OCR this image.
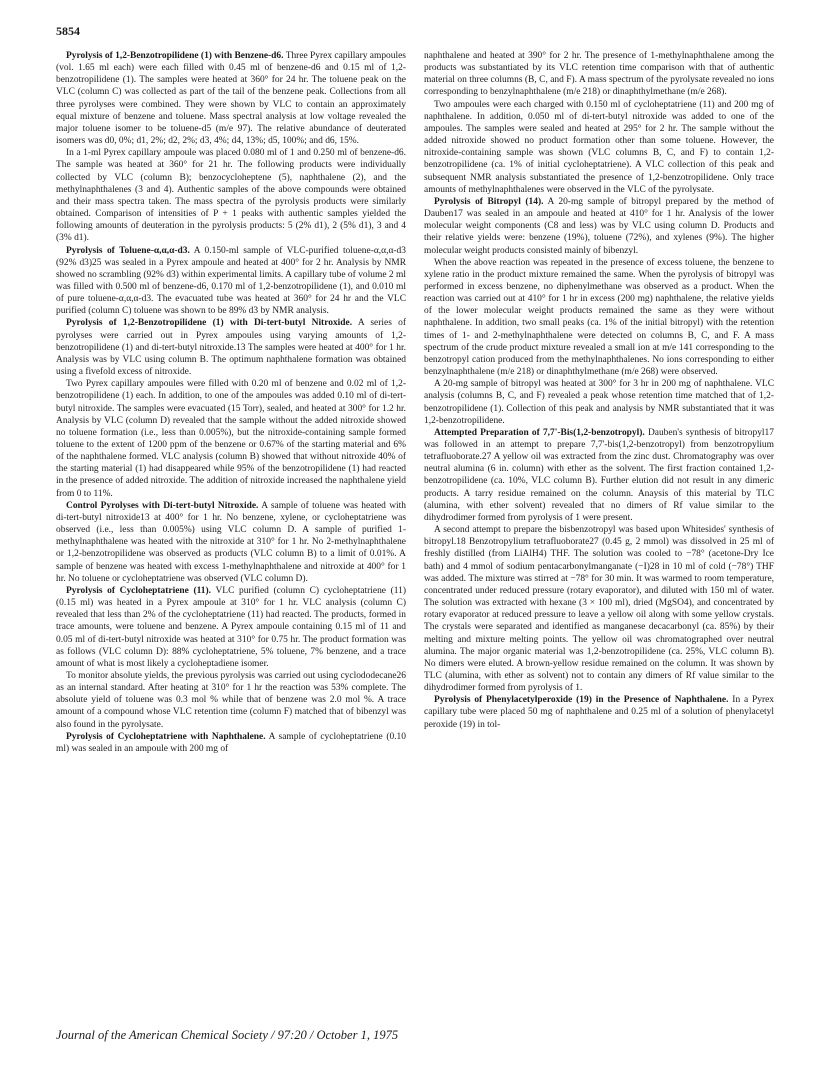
5854

Pyrolysis of 1,2-Benzotropilidene (1) with Benzene-d6. Three Pyrex capillary ampoules (vol. 1.65 ml each) were each filled with 0.45 ml of benzene-d6 and 0.15 ml of 1,2-benzotropilidene (1). The samples were heated at 360° for 24 hr. The toluene peak on the VLC (column C) was collected as part of the tail of the benzene peak. Collections from all three pyrolyses were combined. They were shown by VLC to contain an approximately equal mixture of benzene and toluene. Mass spectral analysis at low voltage revealed the major toluene isomer to be toluene-d5 (m/e 97). The relative abundance of deuterated isomers was d0, 0%; d1, 2%; d2, 2%; d3, 4%; d4, 13%; d5, 100%; and d6, 15%.

In a 1-ml Pyrex capillary ampoule was placed 0.080 ml of 1 and 0.250 ml of benzene-d6. The sample was heated at 360° for 21 hr. The following products were individually collected by VLC (column B); benzocycloheptene (5), naphthalene (2), and the methylnaphthalenes (3 and 4). Authentic samples of the above compounds were obtained and their mass spectra taken. The mass spectra of the pyrolysis products were similarly obtained. Comparison of intensities of P + 1 peaks with authentic samples yielded the following amounts of deuteration in the pyrolysis products: 5 (2% d1), 2 (5% d1), 3 and 4 (3% d1).

Pyrolysis of Toluene-α,α,α-d3. A 0.150-ml sample of VLC-purified toluene-α,α,α-d3 (92% d3)25 was sealed in a Pyrex ampoule and heated at 400° for 2 hr. Analysis by NMR showed no scrambling (92% d3) within experimental limits. A capillary tube of volume 2 ml was filled with 0.500 ml of benzene-d6, 0.170 ml of 1,2-benzotropilidene (1), and 0.010 ml of pure toluene-α,α,α-d3. The evacuated tube was heated at 360° for 24 hr and the VLC purified (column C) toluene was shown to be 89% d3 by NMR analysis.

Pyrolysis of 1,2-Benzotropilidene (1) with Di-tert-butyl Nitroxide. A series of pyrolyses were carried out in Pyrex ampoules using varying amounts of 1,2-benzotropilidene (1) and di-tert-butyl nitroxide.13 The samples were heated at 400° for 1 hr. Analysis was by VLC using column B. The optimum naphthalene formation was obtained using a fivefold excess of nitroxide.

Two Pyrex capillary ampoules were filled with 0.20 ml of benzene and 0.02 ml of 1,2-benzotropilidene (1) each. In addition, to one of the ampoules was added 0.10 ml of di-tert-butyl nitroxide. The samples were evacuated (15 Torr), sealed, and heated at 300° for 1.2 hr. Analysis by VLC (column D) revealed that the sample without the added nitroxide showed no toluene formation (i.e., less than 0.005%), but the nitroxide-containing sample formed toluene to the extent of 1200 ppm of the benzene or 0.67% of the starting material and 6% of the naphthalene formed. VLC analysis (column B) showed that without nitroxide 40% of the starting material (1) had disappeared while 95% of the benzotropilidene (1) had reacted in the presence of added nitroxide. The addition of nitroxide increased the naphthalene yield from 0 to 11%.

Control Pyrolyses with Di-tert-butyl Nitroxide. A sample of toluene was heated with di-tert-butyl nitroxide13 at 400° for 1 hr. No benzene, xylene, or cycloheptatriene was observed (i.e., less than 0.005%) using VLC column D. A sample of purified 1-methylnaphthalene was heated with the nitroxide at 310° for 1 hr. No 2-methylnaphthalene or 1,2-benzotropilidene was observed as products (VLC column B) to a limit of 0.01%. A sample of benzene was heated with excess 1-methylnaphthalene and nitroxide at 400° for 1 hr. No toluene or cycloheptatriene was observed (VLC column D).

Pyrolysis of Cycloheptatriene (11). VLC purified (column C) cycloheptatriene (11) (0.15 ml) was heated in a Pyrex ampoule at 310° for 1 hr. VLC analysis (column C) revealed that less than 2% of the cycloheptatriene (11) had reacted. The products, formed in trace amounts, were toluene and benzene. A Pyrex ampoule containing 0.15 ml of 11 and 0.05 ml of di-tert-butyl nitroxide was heated at 310° for 0.75 hr. The product formation was as follows (VLC column D): 88% cycloheptatriene, 5% toluene, 7% benzene, and a trace amount of what is most likely a cycloheptadiene isomer.

To monitor absolute yields, the previous pyrolysis was carried out using cyclododecane26 as an internal standard. After heating at 310° for 1 hr the reaction was 53% complete. The absolute yield of toluene was 0.3 mol % while that of benzene was 2.0 mol %. A trace amount of a compound whose VLC retention time (column F) matched that of bibenzyl was also found in the pyrolysate.

Pyrolysis of Cycloheptatriene with Naphthalene. A sample of cycloheptatriene (0.10 ml) was sealed in an ampoule with 200 mg of

naphthalene and heated at 390° for 2 hr. The presence of 1-methylnaphthalene among the products was substantiated by its VLC retention time comparison with that of authentic material on three columns (B, C, and F). A mass spectrum of the pyrolysate revealed no ions corresponding to benzylnaphthalene (m/e 218) or dinaphthylmethane (m/e 268).

Two ampoules were each charged with 0.150 ml of cycloheptatriene (11) and 200 mg of naphthalene. In addition, 0.050 ml of di-tert-butyl nitroxide was added to one of the ampoules. The samples were sealed and heated at 295° for 2 hr. The sample without the added nitroxide showed no product formation other than some toluene. However, the nitroxide-containing sample was shown (VLC columns B, C, and F) to contain 1,2-benzotropilidene (ca. 1% of initial cycloheptatriene). A VLC collection of this peak and subsequent NMR analysis substantiated the presence of 1,2-benzotropilidene. Only trace amounts of methylnaphthalenes were observed in the VLC of the pyrolysate.

Pyrolysis of Bitropyl (14). A 20-mg sample of bitropyl prepared by the method of Dauben17 was sealed in an ampoule and heated at 410° for 1 hr. Analysis of the lower molecular weight components (C8 and less) was by VLC using column D. Products and their relative yields were: benzene (19%), toluene (72%), and xylenes (9%). The higher molecular weight products consisted mainly of bibenzyl.

When the above reaction was repeated in the presence of excess toluene, the benzene to xylene ratio in the product mixture remained the same. When the pyrolysis of bitropyl was performed in excess benzene, no diphenylmethane was observed as a product. When the reaction was carried out at 410° for 1 hr in excess (200 mg) naphthalene, the relative yields of the lower molecular weight products remained the same as they were without naphthalene. In addition, two small peaks (ca. 1% of the initial bitropyl) with the retention times of 1- and 2-methylnaphthalene were detected on columns B, C, and F. A mass spectrum of the crude product mixture revealed a small ion at m/e 141 corresponding to the benzotropyl cation produced from the methylnaphthalenes. No ions corresponding to either benzylnaphthalene (m/e 218) or dinaphthylmethane (m/e 268) were observed.

A 20-mg sample of bitropyl was heated at 300° for 3 hr in 200 mg of naphthalene. VLC analysis (columns B, C, and F) revealed a peak whose retention time matched that of 1,2-benzotropilidene (1). Collection of this peak and analysis by NMR substantiated that it was 1,2-benzotropilidene.

Attempted Preparation of 7,7'-Bis(1,2-benzotropyl). Dauben's synthesis of bitropyl17 was followed in an attempt to prepare 7,7'-bis(1,2-benzotropyl) from benzotropylium tetrafluoborate.27 A yellow oil was extracted from the zinc dust. Chromatography was over neutral alumina (6 in. column) with ether as the solvent. The first fraction contained 1,2-benzotropilidene (ca. 10%, VLC column B). Further elution did not result in any dimeric products. A tarry residue remained on the column. Anaysis of this material by TLC (alumina, with ether solvent) revealed that no dimers of Rf value similar to the dihydrodimer formed from pyrolysis of 1 were present.

A second attempt to prepare the bisbenzotropyl was based upon Whitesides' synthesis of bitropyl.18 Benzotropylium tetrafluoborate27 (0.45 g, 2 mmol) was dissolved in 25 ml of freshly distilled (from LiAlH4) THF. The solution was cooled to −78° (acetone-Dry Ice bath) and 4 mmol of sodium pentacarbonylmanganate (−I)28 in 10 ml of cold (−78°) THF was added. The mixture was stirred at −78° for 30 min. It was warmed to room temperature, concentrated under reduced pressure (rotary evaporator), and diluted with 150 ml of water. The solution was extracted with hexane (3 × 100 ml), dried (MgSO4), and concentrated by rotary evaporator at reduced pressure to leave a yellow oil along with some yellow crystals. The crystals were separated and identified as manganese decacarbonyl (ca. 85%) by their melting and mixture melting points. The yellow oil was chromatographed over neutral alumina. The major organic material was 1,2-benzotropilidene (ca. 25%, VLC column B). No dimers were eluted. A brown-yellow residue remained on the column. It was shown by TLC (alumina, with ether as solvent) not to contain any dimers of Rf value similar to the dihydrodimer formed from pyrolysis of 1.

Pyrolysis of Phenylacetylperoxide (19) in the Presence of Naphthalene. In a Pyrex capillary tube were placed 50 mg of naphthalene and 0.25 ml of a solution of phenylacetyl peroxide (19) in tol-

Journal of the American Chemical Society / 97:20 / October 1, 1975
